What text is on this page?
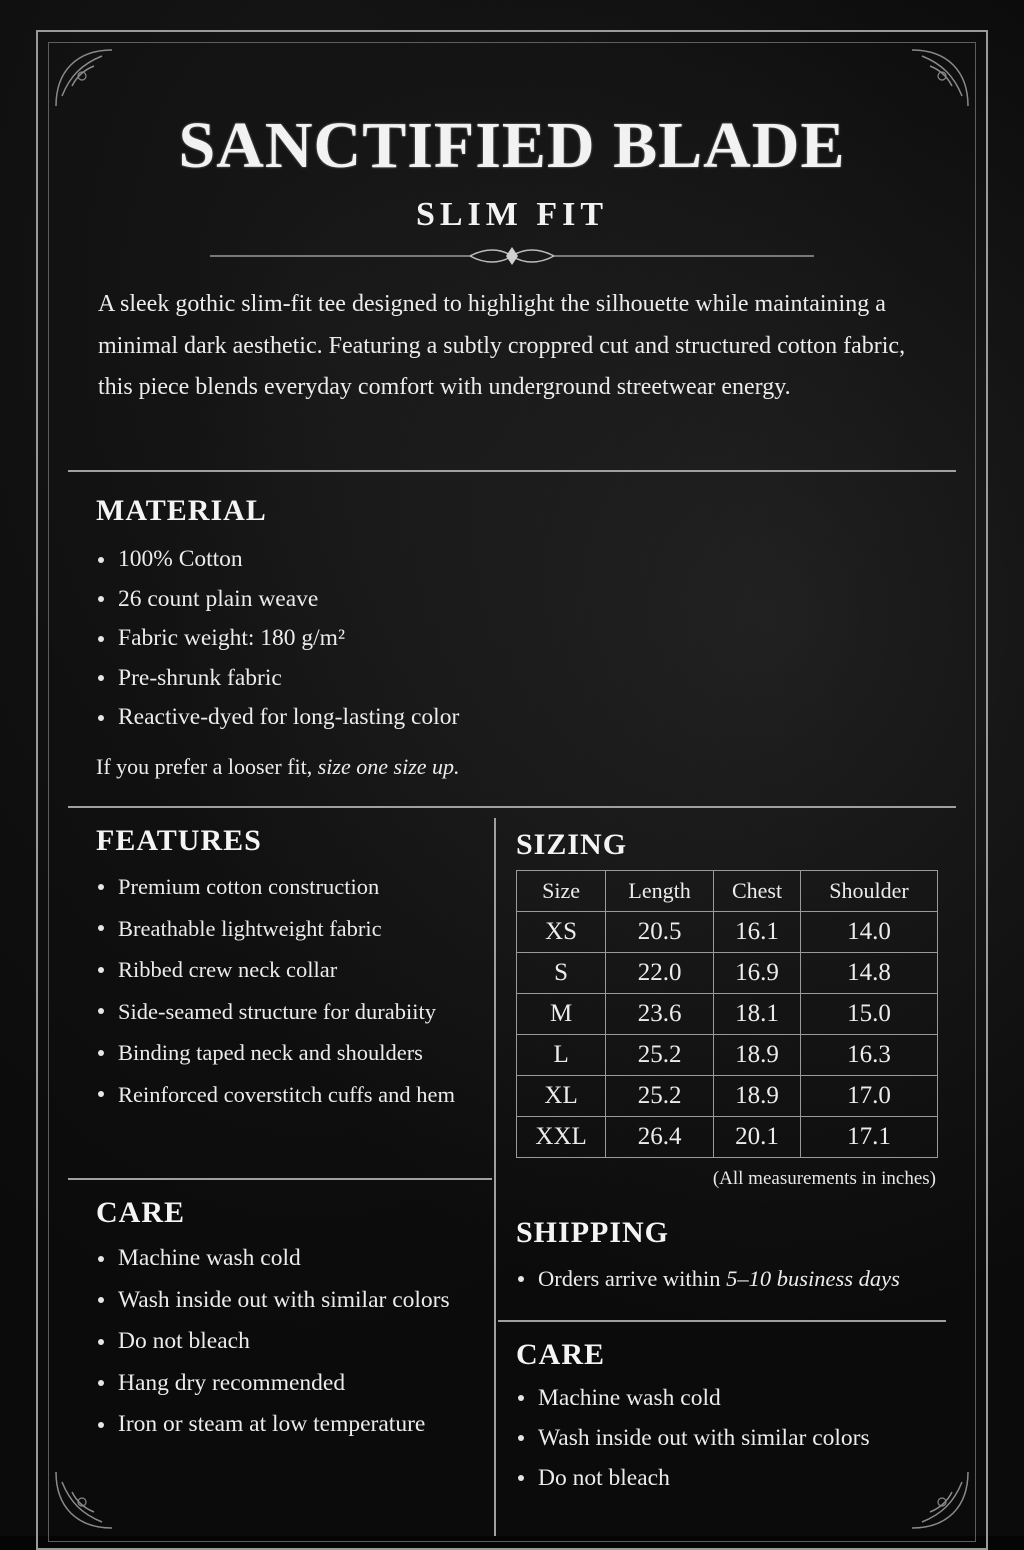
SANCTIFIED BLADE
SLIM FIT

A sleek gothic slim-fit tee designed to highlight the silhouette while maintaining a minimal dark aesthetic. Featuring a subtly croppred cut and structured cotton fabric, this piece blends everyday comfort with underground streetwear energy.

MATERIAL
100% Cotton
26 count plain weave
Fabric weight: 180 g/m²
Pre-shrunk fabric
Reactive-dyed for long-lasting color

If you prefer a looser fit, size one size up.

FEATURES
Premium cotton construction
Breathable lightweight fabric
Ribbed crew neck collar
Side-seamed structure for durabiity
Binding taped neck and shoulders
Reinforced coverstitch cuffs and hem
SIZING
Size	Length	Chest	Shoulder
XS	20.5	16.1	14.0
S	22.0	16.9	14.8
M	23.6	18.1	15.0
L	25.2	18.9	16.3
XL	25.2	18.9	17.0
XXL	26.4	20.1	17.1

(All measurements in inches)

SHIPPING
Orders arrive within 5–10 business days
CARE
Machine wash cold
Wash inside out with similar colors
Do not bleach
Hang dry recommended
Iron or steam at low temperature
CARE
Machine wash cold
Wash inside out with similar colors
Do not bleach
